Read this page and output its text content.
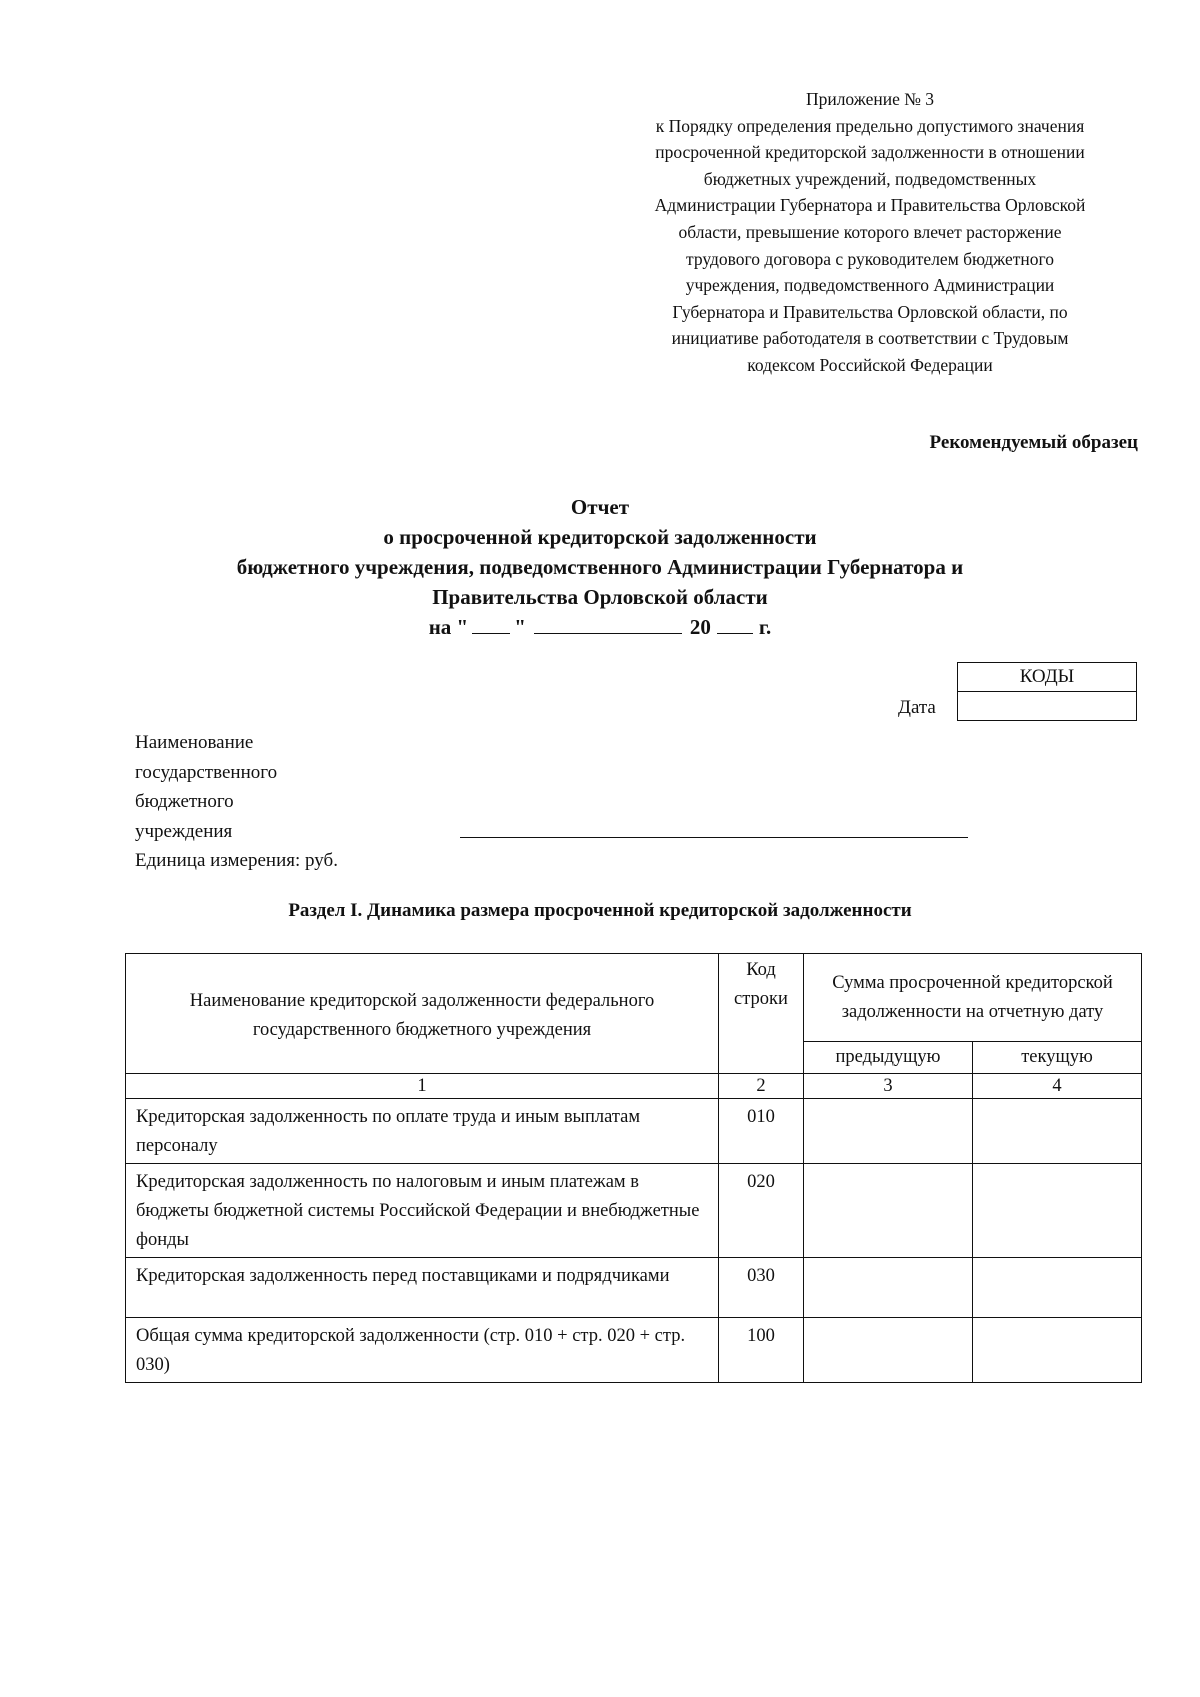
Приложение № 3
к Порядку определения предельно допустимого значения
просроченной кредиторской задолженности в отношении
бюджетных учреждений, подведомственных
Администрации Губернатора и Правительства Орловской
области, превышение которого влечет расторжение
трудового договора с руководителем бюджетного
учреждения, подведомственного Администрации
Губернатора и Правительства Орловской области, по
инициативе работодателя в соответствии с Трудовым
кодексом Российской Федерации
Рекомендуемый образец
Отчет
о просроченной кредиторской задолженности
бюджетного учреждения, подведомственного Администрации Губернатора и
Правительства Орловской области
на " "	20 г.
КОДЫ

Дата
Наименование
государственного
бюджетного
учреждения
Единица измерения: руб.
Раздел I. Динамика размера просроченной кредиторской задолженности
Наименование кредиторской задолженности федерального государственного бюджетного учреждения	Код строки	Сумма просроченной кредиторской задолженности на отчетную дату	
		предыдущую	текущую
1	2	3	4
Кредиторская задолженность по оплате труда и иным выплатам персоналу	010		
Кредиторская задолженность по налоговым и иным платежам в бюджеты бюджетной системы Российской Федерации и внебюджетные фонды	020		
Кредиторская задолженность перед поставщиками и подрядчиками	030		
Общая сумма кредиторской задолженности (стр. 010 + стр. 020 + стр. 030)	100		
